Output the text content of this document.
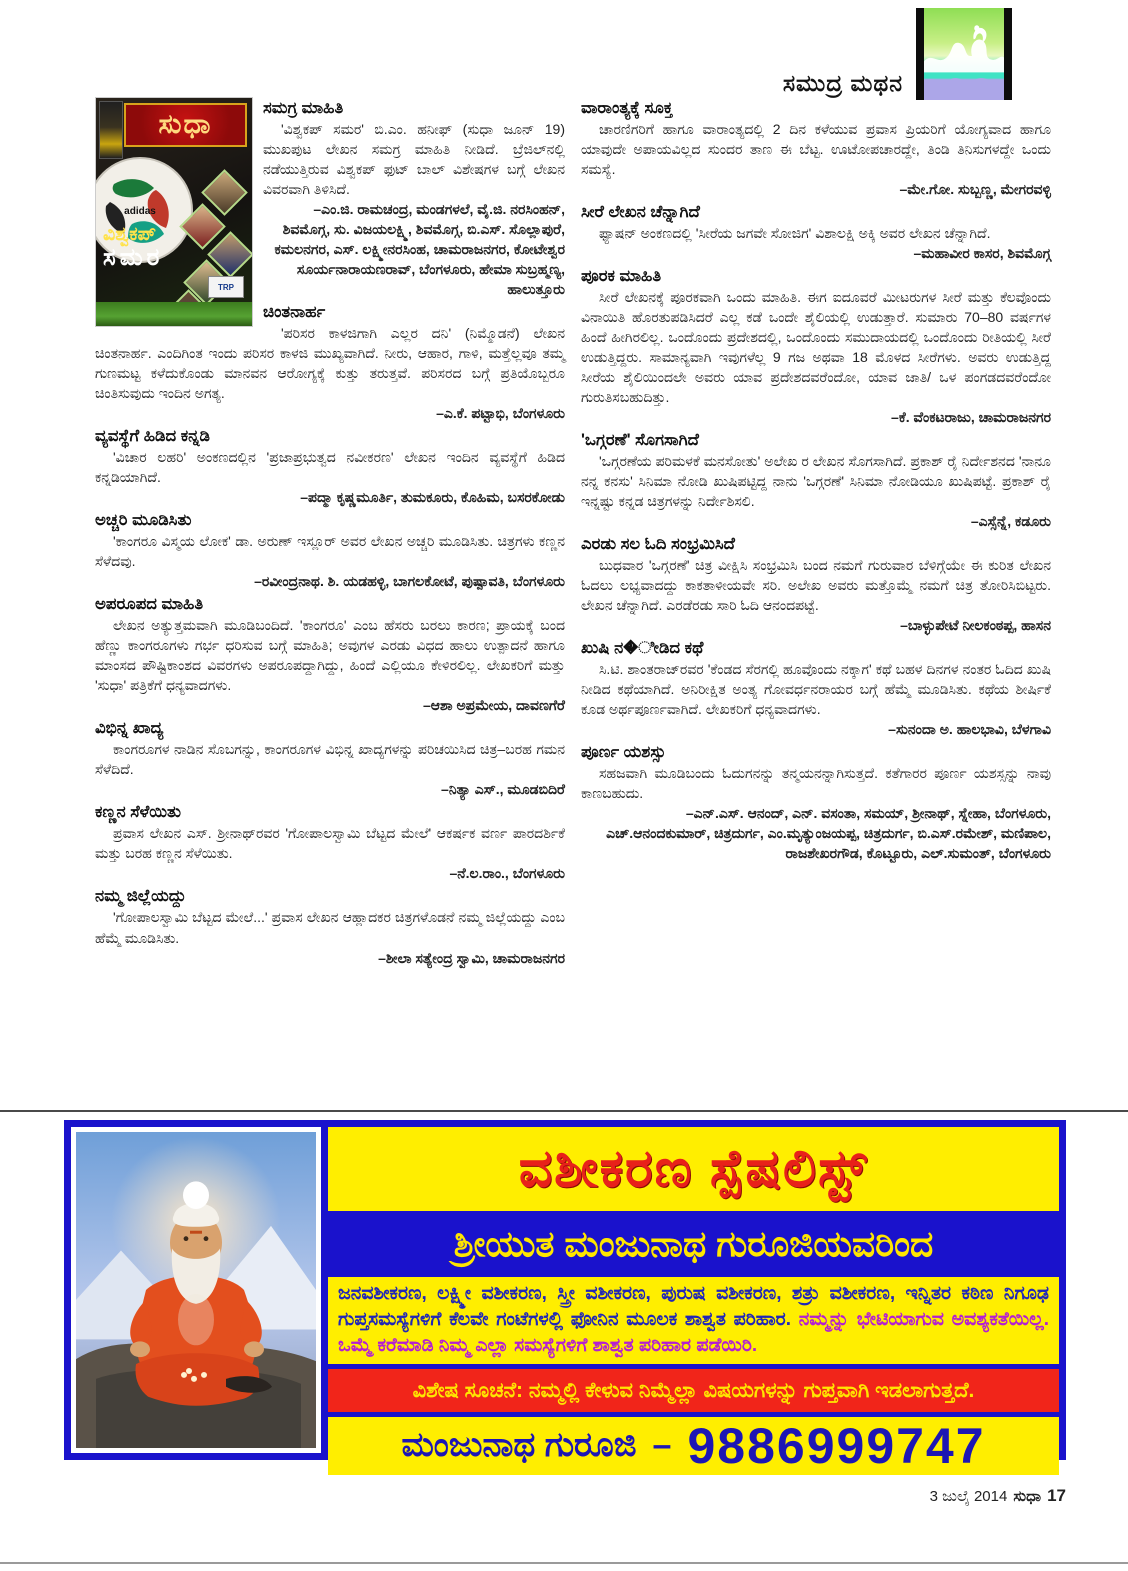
ಸಮುದ್ರ ಮಥನ
ಸುಧಾ
adidas
ವಿಶ್ವಕಪ್
ಸಮರ
TRP
ಸಮಗ್ರ ಮಾಹಿತಿ

'ವಿಶ್ವಕಪ್ ಸಮರ' ಬಿ.ಎಂ. ಹನೀಫ್ (ಸುಧಾ ಜೂನ್ 19) ಮುಖಪುಟ ಲೇಖನ ಸಮಗ್ರ ಮಾಹಿತಿ ನೀಡಿದೆ. ಬ್ರೆಜಿಲ್‌ನಲ್ಲಿ ನಡೆಯುತ್ತಿರುವ ವಿಶ್ವಕಪ್ ಫುಟ್ ಬಾಲ್ ವಿಶೇಷಗಳ ಬಗ್ಗೆ ಲೇಖನ ವಿವರವಾಗಿ ತಿಳಿಸಿದೆ.

–ಎಂ.ಜಿ. ರಾಮಚಂದ್ರ, ಮಂಡಗಳಲೆ, ವೈ.ಜಿ. ನರಸಿಂಹನ್, ಶಿವಮೊಗ್ಗ, ಸು. ವಿಜಯಲಕ್ಷ್ಮಿ, ಶಿವಮೊಗ್ಗ, ಬಿ.ಎಸ್. ಸೊಲ್ಲಾಪುರೆ, ಕಮಲನಗರ, ಎಸ್. ಲಕ್ಷ್ಮೀನರಸಿಂಹ, ಚಾಮರಾಜನಗರ, ಕೋಟೇಶ್ವರ ಸೂರ್ಯನಾರಾಯಣರಾವ್, ಬೆಂಗಳೂರು, ಹೇಮಾ ಸುಬ್ರಹ್ಮಣ್ಯ, ಹಾಲುತ್ತೂರು

ಚಿಂತನಾರ್ಹ

'ಪರಿಸರ ಕಾಳಜಿಗಾಗಿ ಎಲ್ಲರ ದನಿ' (ನಿಮ್ಮೊಡನೆ) ಲೇಖನ ಚಿಂತನಾರ್ಹ. ಎಂದಿಗಿಂತ ಇಂದು ಪರಿಸರ ಕಾಳಜಿ ಮುಖ್ಯವಾಗಿದೆ. ನೀರು, ಆಹಾರ, ಗಾಳಿ, ಮತ್ತೆಲ್ಲವೂ ತಮ್ಮ ಗುಣಮಟ್ಟ ಕಳೆದುಕೊಂಡು ಮಾನವನ ಆರೋಗ್ಯಕ್ಕೆ ಕುತ್ತು ತರುತ್ತವೆ. ಪರಿಸರದ ಬಗ್ಗೆ ಪ್ರತಿಯೊಬ್ಬರೂ ಚಿಂತಿಸುವುದು ಇಂದಿನ ಅಗತ್ಯ.

–ಎ.ಕೆ. ಪಟ್ಟಾಭಿ, ಬೆಂಗಳೂರು

ವ್ಯವಸ್ಥೆಗೆ ಹಿಡಿದ ಕನ್ನಡಿ

'ವಿಚಾರ ಲಹರಿ' ಅಂಕಣದಲ್ಲಿನ 'ಪ್ರಜಾಪ್ರಭುತ್ವದ ನವೀಕರಣ' ಲೇಖನ ಇಂದಿನ ವ್ಯವಸ್ಥೆಗೆ ಹಿಡಿದ ಕನ್ನಡಿಯಾಗಿದೆ.

–ಪದ್ಮಾ ಕೃಷ್ಣಮೂರ್ತಿ, ತುಮಕೂರು, ಕೊಹಿಮ, ಬಸರಕೋಡು

ಅಚ್ಚರಿ ಮೂಡಿಸಿತು

'ಕಾಂಗರೂ ವಿಸ್ಮಯ ಲೋಕ' ಡಾ. ಅರುಣ್ ಇಸ್ಲೂರ್ ಅವರ ಲೇಖನ ಅಚ್ಚರಿ ಮೂಡಿಸಿತು. ಚಿತ್ರಗಳು ಕಣ್ಣನ ಸೆಳೆದವು.

–ರವೀಂದ್ರನಾಥ. ಶಿ. ಯಡಹಳ್ಳಿ, ಬಾಗಲಕೋಟೆ, ಪುಷ್ಪಾವತಿ, ಬೆಂಗಳೂರು

ಅಪರೂಪದ ಮಾಹಿತಿ

ಲೇಖನ ಅತ್ಯುತ್ತಮವಾಗಿ ಮೂಡಿಬಂದಿದೆ. 'ಕಾಂಗರೂ' ಎಂಬ ಹೆಸರು ಬರಲು ಕಾರಣ; ಪ್ರಾಯಕ್ಕೆ ಬಂದ ಹೆಣ್ಣು ಕಾಂಗರೂಗಳು ಗರ್ಭ ಧರಿಸುವ ಬಗ್ಗೆ ಮಾಹಿತಿ; ಅವುಗಳ ಎರಡು ವಿಧದ ಹಾಲು ಉತ್ಪಾದನೆ ಹಾಗೂ ಮಾಂಸದ ಪೌಷ್ಟಿಕಾಂಶದ ವಿವರಗಳು ಅಪರೂಪದ್ದಾಗಿದ್ದು, ಹಿಂದೆ ಎಲ್ಲಿಯೂ ಕೇಳಿರಲಿಲ್ಲ. ಲೇಖಕರಿಗೆ ಮತ್ತು 'ಸುಧಾ' ಪತ್ರಿಕೆಗೆ ಧನ್ಯವಾದಗಳು.

–ಆಶಾ ಅಪ್ರಮೇಯ, ದಾವಣಗೆರೆ

ವಿಭಿನ್ನ ಖಾದ್ಯ

ಕಾಂಗರೂಗಳ ನಾಡಿನ ಸೊಬಗನ್ನು, ಕಾಂಗರೂಗಳ ವಿಭಿನ್ನ ಖಾದ್ಯಗಳನ್ನು ಪರಿಚಯಿಸಿದ ಚಿತ್ರ–ಬರಹ ಗಮನ ಸೆಳೆದಿದೆ.

–ನಿತ್ಯಾ ಎಸ್., ಮೂಡಬಿದಿರೆ

ಕಣ್ಣನ ಸೆಳೆಯಿತು

ಪ್ರವಾಸ ಲೇಖನ ಎಸ್. ಶ್ರೀನಾಥ್‌ರವರ 'ಗೋಪಾಲಸ್ವಾಮಿ ಬೆಟ್ಟದ ಮೇಲೆ' ಆಕರ್ಷಕ ವರ್ಣ ಪಾರದರ್ಶಿಕೆ ಮತ್ತು ಬರಹ ಕಣ್ಣನ ಸೆಳೆಯಿತು.

–ನೆ.ಲ.ರಾಂ., ಬೆಂಗಳೂರು

ನಮ್ಮ ಜಿಲ್ಲೆಯದ್ದು

'ಗೋಪಾಲಸ್ವಾಮಿ ಬೆಟ್ಟದ ಮೇಲೆ...' ಪ್ರವಾಸ ಲೇಖನ ಆಹ್ಲಾದಕರ ಚಿತ್ರಗಳೊಡನೆ ನಮ್ಮ ಜಿಲ್ಲೆಯದ್ದು ಎಂಬ ಹೆಮ್ಮೆ ಮೂಡಿಸಿತು.

–ಶೀಲಾ ಸತ್ಯೇಂದ್ರ ಸ್ವಾಮಿ, ಚಾಮರಾಜನಗರ

ವಾರಾಂತ್ಯಕ್ಕೆ ಸೂಕ್ತ

ಚಾರಣಿಗರಿಗೆ ಹಾಗೂ ವಾರಾಂತ್ಯದಲ್ಲಿ 2 ದಿನ ಕಳೆಯುವ ಪ್ರವಾಸ ಪ್ರಿಯರಿಗೆ ಯೋಗ್ಯವಾದ ಹಾಗೂ ಯಾವುದೇ ಅಪಾಯವಿಲ್ಲದ ಸುಂದರ ತಾಣ ಈ ಬೆಟ್ಟ. ಊಟೋಪಚಾರದ್ದೇ, ತಿಂಡಿ ತಿನಿಸುಗಳದ್ದೇ ಒಂದು ಸಮಸ್ಯೆ.

–ಮೇ.ಗೋ. ಸುಬ್ಬಣ್ಣ, ಮೇಗರವಳ್ಳಿ

ಸೀರೆ ಲೇಖನ ಚೆನ್ನಾಗಿದೆ

ಫ್ಯಾಷನ್ ಅಂಕಣದಲ್ಲಿ 'ಸೀರೆಯ ಜಗವೇ ಸೋಜಿಗ' ವಿಶಾಲಕ್ಷಿ ಅಕ್ಕಿ ಅವರ ಲೇಖನ ಚೆನ್ನಾಗಿದೆ.

–ಮಹಾವೀರ ಕಾಸರ, ಶಿವಮೊಗ್ಗ

ಪೂರಕ ಮಾಹಿತಿ

ಸೀರೆ ಲೇಖನಕ್ಕೆ ಪೂರಕವಾಗಿ ಒಂದು ಮಾಹಿತಿ. ಈಗ ಐದೂವರೆ ಮೀಟರುಗಳ ಸೀರೆ ಮತ್ತು ಕೆಲವೊಂದು ವಿನಾಯಿತಿ ಹೊರತುಪಡಿಸಿದರೆ ಎಲ್ಲ ಕಡೆ ಒಂದೇ ಶೈಲಿಯಲ್ಲಿ ಉಡುತ್ತಾರೆ. ಸುಮಾರು 70–80 ವರ್ಷಗಳ ಹಿಂದೆ ಹೀಗಿರಲಿಲ್ಲ. ಒಂದೊಂದು ಪ್ರದೇಶದಲ್ಲಿ, ಒಂದೊಂದು ಸಮುದಾಯದಲ್ಲಿ ಒಂದೊಂದು ರೀತಿಯಲ್ಲಿ ಸೀರೆ ಉಡುತ್ತಿದ್ದರು. ಸಾಮಾನ್ಯವಾಗಿ ಇವುಗಳೆಲ್ಲ 9 ಗಜ ಅಥವಾ 18 ಮೊಳದ ಸೀರೆಗಳು. ಅವರು ಉಡುತ್ತಿದ್ದ ಸೀರೆಯ ಶೈಲಿಯಿಂದಲೇ ಅವರು ಯಾವ ಪ್ರದೇಶದವರೆಂದೋ, ಯಾವ ಜಾತಿ/ ಒಳ ಪಂಗಡದವರೆಂದೋ ಗುರುತಿಸಬಹುದಿತ್ತು.

–ಕೆ. ವೆಂಕಟರಾಜು, ಚಾಮರಾಜನಗರ

'ಒಗ್ಗರಣೆ' ಸೊಗಸಾಗಿದೆ

'ಒಗ್ಗರಣೆಯ ಪರಿಮಳಕೆ ಮನಸೋತು' ಅಲೇಖ ರ ಲೇಖನ ಸೊಗಸಾಗಿದೆ. ಪ್ರಕಾಶ್ ರೈ ನಿರ್ದೇಶನದ 'ನಾನೂ ನನ್ನ ಕನಸು' ಸಿನಿಮಾ ನೋಡಿ ಖುಷಿಪಟ್ಟಿದ್ದ ನಾನು 'ಒಗ್ಗರಣೆ' ಸಿನಿಮಾ ನೋಡಿಯೂ ಖುಷಿಪಟ್ಟೆ. ಪ್ರಕಾಶ್ ರೈ ಇನ್ನಷ್ಟು ಕನ್ನಡ ಚಿತ್ರಗಳನ್ನು ನಿರ್ದೇಶಿಸಲಿ.

–ಎಸ್ಸೆನ್ನೆ, ಕಡೂರು

ಎರಡು ಸಲ ಓದಿ ಸಂಭ್ರಮಿಸಿದೆ

ಬುಧವಾರ 'ಒಗ್ಗರಣೆ' ಚಿತ್ರ ವೀಕ್ಷಿಸಿ ಸಂಭ್ರಮಿಸಿ ಬಂದ ನಮಗೆ ಗುರುವಾರ ಬೆಳಿಗ್ಗೆಯೇ ಈ ಕುರಿತ ಲೇಖನ ಓದಲು ಲಭ್ಯವಾದದ್ದು ಕಾಕತಾಳೀಯವೇ ಸರಿ. ಅಲೇಖ ಅವರು ಮತ್ತೊಮ್ಮೆ ನಮಗೆ ಚಿತ್ರ ತೋರಿಸಿಬಿಟ್ಟರು. ಲೇಖನ ಚೆನ್ನಾಗಿದೆ. ಎರಡೆರಡು ಸಾರಿ ಓದಿ ಆನಂದಪಟ್ಟೆ.

–ಬಾಳ್ಳುಪೇಟೆ ನೀಲಕಂಠಪ್ಪ, ಹಾಸನ

ಖುಷಿ ನ�ೀಡಿದ ಕಥೆ

ಸಿ.ಟಿ. ಶಾಂತರಾಜ್‌ರವರ 'ಕೆಂಡದ ಸೆರಗಲ್ಲಿ ಹೂವೊಂದು ನಕ್ಕಾಗ' ಕಥೆ ಬಹಳ ದಿನಗಳ ನಂತರ ಓದಿದ ಖುಷಿ ನೀಡಿದ ಕಥೆಯಾಗಿದೆ. ಅನಿರೀಕ್ಷಿತ ಅಂತ್ಯ ಗೋವರ್ಧನರಾಯರ ಬಗ್ಗೆ ಹೆಮ್ಮೆ ಮೂಡಿಸಿತು. ಕಥೆಯ ಶೀರ್ಷಿಕೆ ಕೂಡ ಅರ್ಥಪೂರ್ಣವಾಗಿದೆ. ಲೇಖಕರಿಗೆ ಧನ್ಯವಾದಗಳು.

–ಸುನಂದಾ ಅ. ಹಾಲಭಾವಿ, ಬೆಳಗಾವಿ

ಪೂರ್ಣ ಯಶಸ್ಸು

ಸಹಜವಾಗಿ ಮೂಡಿಬಂದು ಓದುಗನನ್ನು ತನ್ಮಯನನ್ನಾಗಿಸುತ್ತದೆ. ಕತೆಗಾರರ ಪೂರ್ಣ ಯಶಸ್ಸನ್ನು ನಾವು ಕಾಣಬಹುದು.

–ಎನ್.ಎಸ್. ಆನಂದ್, ಎನ್. ವಸಂತಾ, ಸಮಯ್, ಶ್ರೀನಾಥ್, ಸ್ನೇಹಾ, ಬೆಂಗಳೂರು, ಎಚ್.ಆನಂದಕುಮಾರ್, ಚಿತ್ರದುರ್ಗ, ಎಂ.ಮೃತ್ಯುಂಜಯಪ್ಪ, ಚಿತ್ರದುರ್ಗ, ಬಿ.ಎಸ್.ರಮೇಶ್, ಮಣಿಪಾಲ, ರಾಜಶೇಖರಗೌಡ, ಕೊಟ್ಟೂರು, ಎಲ್.ಸುಮಂತ್, ಬೆಂಗಳೂರು

ವಶೀಕರಣ ಸ್ಪೆಷಲಿಸ್ಟ್
ಶ್ರೀಯುತ ಮಂಜುನಾಥ ಗುರೂಜಿಯವರಿಂದ
ಜನವಶೀಕರಣ, ಲಕ್ಷ್ಮೀ ವಶೀಕರಣ, ಸ್ತ್ರೀ ವಶೀಕರಣ, ಪುರುಷ ವಶೀಕರಣ, ಶತ್ರು ವಶೀಕರಣ, ಇನ್ನಿತರ ಕಠಿಣ ನಿಗೂಢ ಗುಪ್ತಸಮಸ್ಯೆಗಳಿಗೆ ಕೆಲವೇ ಗಂಟೆಗಳಲ್ಲಿ ಫೋನಿನ ಮೂಲಕ ಶಾಶ್ವತ ಪರಿಹಾರ. ನಮ್ಮನ್ನು ಭೇಟಿಯಾಗುವ ಅವಶ್ಯಕತೆಯಿಲ್ಲ. ಒಮ್ಮೆ ಕರೆಮಾಡಿ ನಿಮ್ಮ ಎಲ್ಲಾ ಸಮಸ್ಯೆಗಳಿಗೆ ಶಾಶ್ವತ ಪರಿಹಾರ ಪಡೆಯಿರಿ.
ವಿಶೇಷ ಸೂಚನೆ: ನಮ್ಮಲ್ಲಿ ಕೇಳುವ ನಿಮ್ಮೆಲ್ಲಾ ವಿಷಯಗಳನ್ನು ಗುಪ್ತವಾಗಿ ಇಡಲಾಗುತ್ತದೆ.
ಮಂಜುನಾಥ ಗುರೂಜಿ – 9886999747
3 ಜುಲೈ 2014 ಸುಧಾ 17
